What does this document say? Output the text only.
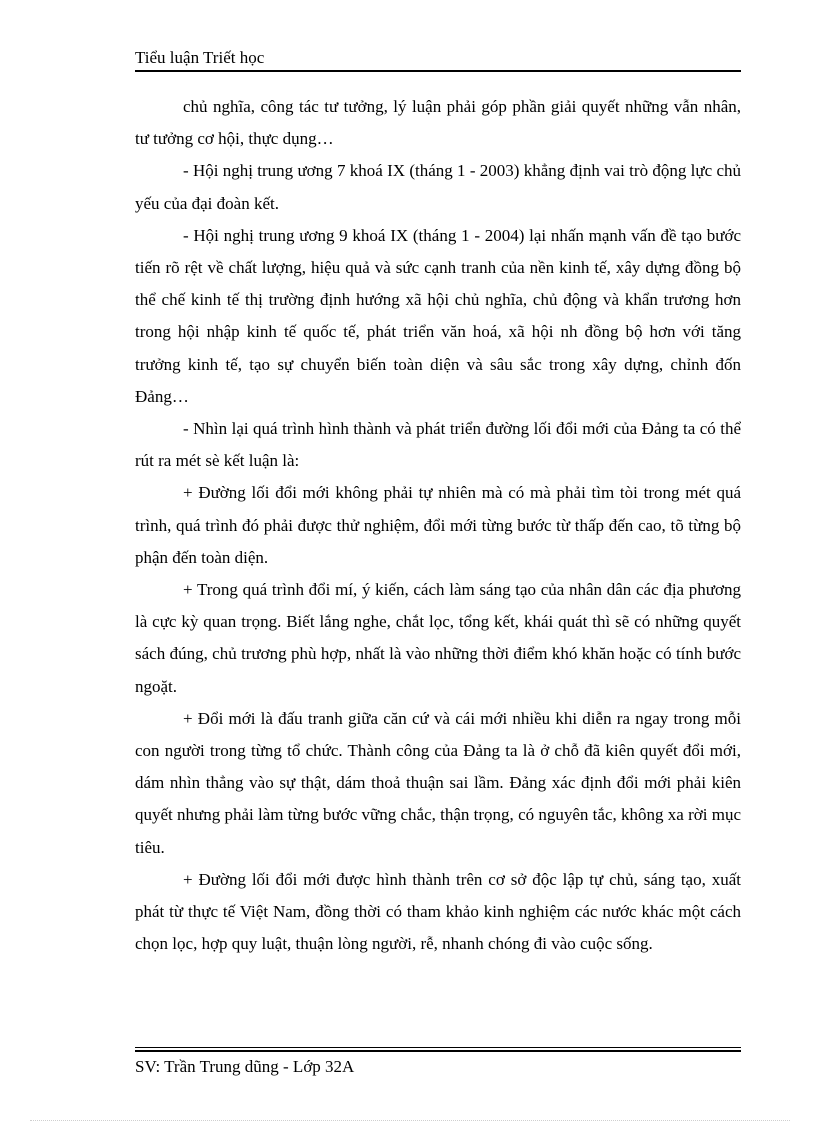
Tiểu luận Triết học

chủ nghĩa, công tác tư tưởng, lý luận phải góp phần giải quyết những vẫn nhân, tư tưởng cơ hội, thực dụng…

- Hội nghị trung ương 7 khoá IX (tháng 1 - 2003) khẳng định vai trò động lực chủ yếu của đại đoàn kết.

- Hội nghị trung ương 9 khoá IX (tháng 1 - 2004) lại nhấn mạnh vấn đề tạo bước tiến rõ rệt về chất lượng, hiệu quả và sức cạnh tranh của nền kinh tế, xây dựng đồng bộ thể chế kinh tế thị trường định hướng xã hội chủ nghĩa, chủ động và khẩn trương hơn trong hội nhập kinh tế quốc tế, phát triển văn hoá, xã hội nh đồng bộ hơn với tăng trưởng kinh tế, tạo sự chuyển biến toàn diện và sâu sắc trong xây dựng, chỉnh đốn Đảng…

- Nhìn lại quá trình hình thành và phát triển đường lối đổi mới của Đảng ta có thể rút ra mét sè kết luận là:

+ Đường lối đổi mới không phải tự nhiên mà có mà phải tìm tòi trong mét quá trình, quá trình đó phải được thử nghiệm, đổi mới từng bước từ thấp đến cao, tõ từng bộ phận đến toàn diện.

+ Trong quá trình đổi mí, ý kiến, cách làm sáng tạo của nhân dân các địa phương là cực kỳ quan trọng. Biết lắng nghe, chắt lọc, tổng kết, khái quát thì sẽ có những quyết sách đúng, chủ trương phù hợp, nhất là vào những thời điểm khó khăn hoặc có tính bước ngoặt.

+ Đổi mới là đấu tranh giữa căn cứ và cái mới nhiều khi diễn ra ngay trong mỗi con người trong từng tổ chức. Thành công của Đảng ta là ở chỗ đã kiên quyết đổi mới, dám nhìn thẳng vào sự thật, dám thoả thuận sai lầm. Đảng xác định đổi mới phải kiên quyết nhưng phải làm từng bước vững chắc, thận trọng, có nguyên tắc, không xa rời mục tiêu.

+ Đường lối đổi mới được hình thành trên cơ sở độc lập tự chủ, sáng tạo, xuất phát từ thực tế Việt Nam, đồng thời có tham khảo kinh nghiệm các nước khác một cách chọn lọc, hợp quy luật, thuận lòng người, rễ, nhanh chóng đi vào cuộc sống.

SV: Trần Trung dũng - Lớp 32A
